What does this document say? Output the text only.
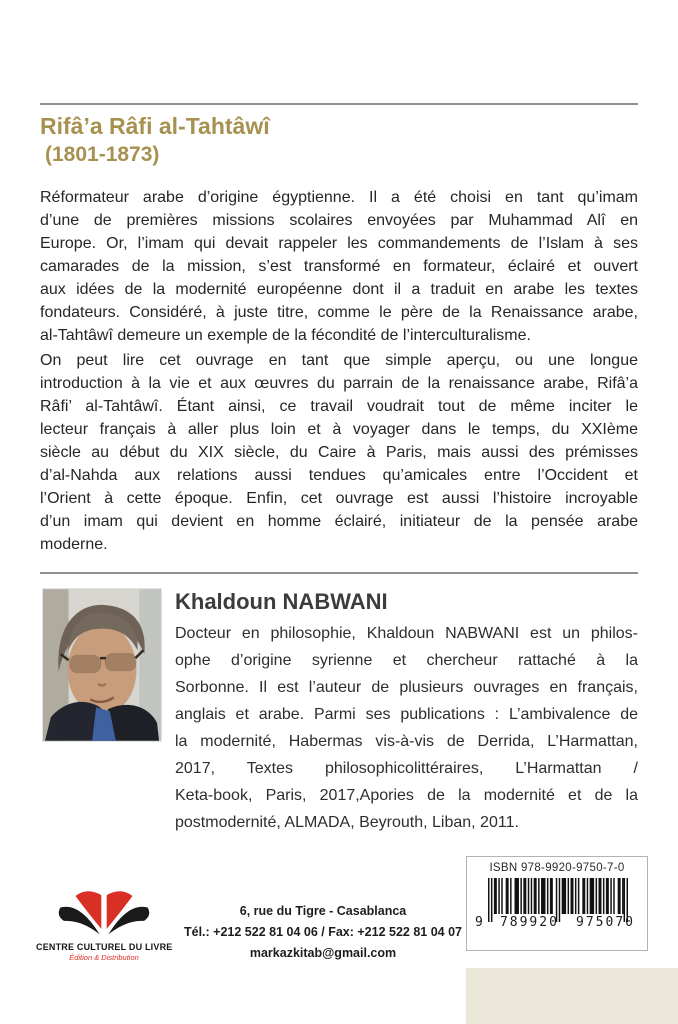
Rifâ’a Râfi al-Tahtâwî
(1801-1873)
Réformateur arabe d’origine égyptienne. Il a été choisi en tant qu’imam
d’une de premières missions scolaires envoyées par Muhammad Alî en
Europe. Or, l’imam qui devait rappeler les commandements de l’Islam à ses
camarades de la mission, s’est transformé en formateur, éclairé et ouvert
aux idées de la modernité européenne dont il a traduit en arabe les textes
fondateurs. Considéré, à juste titre, comme le père de la Renaissance arabe,
al-Tahtâwî demeure un exemple de la fécondité de l’interculturalisme.
On peut lire cet ouvrage en tant que simple aperçu, ou une longue
introduction à la vie et aux œuvres du parrain de la renaissance arabe, Rifâ’a
Râfi’ al-Tahtâwî. Étant ainsi, ce travail voudrait tout de même inciter le
lecteur français à aller plus loin et à voyager dans le temps, du XXIème
siècle au début du XIX siècle, du Caire à Paris, mais aussi des prémisses
d’al-Nahda aux relations aussi tendues qu’amicales entre l’Occident et
l’Orient à cette époque. Enfin, cet ouvrage est aussi l’histoire incroyable
d’un imam qui devient en homme éclairé, initiateur de la pensée arabe
moderne.
Khaldoun NABWANI
Docteur en philosophie, Khaldoun NABWANI est un philos-
ophe d’origine syrienne et chercheur rattaché à la
Sorbonne. Il est l’auteur de plusieurs ouvrages en français,
anglais et arabe. Parmi ses publications : L’ambivalence de
la modernité, Habermas vis-à-vis de Derrida, L’Harmattan,
2017, Textes philosophicolittéraires, L’Harmattan /
Keta-book, Paris, 2017,Apories de la modernité et de la
postmodernité, ALMADA, Beyrouth, Liban, 2011.
CENTRE CULTUREL DU LIVRE
Édition & Distribution
6, rue du Tigre - Casablanca
Tél.: +212 522 81 04 06 / Fax: +212 522 81 04 07
markazkitab@gmail.com
ISBN 978-9920-9750-7-0
9 789920 975070
